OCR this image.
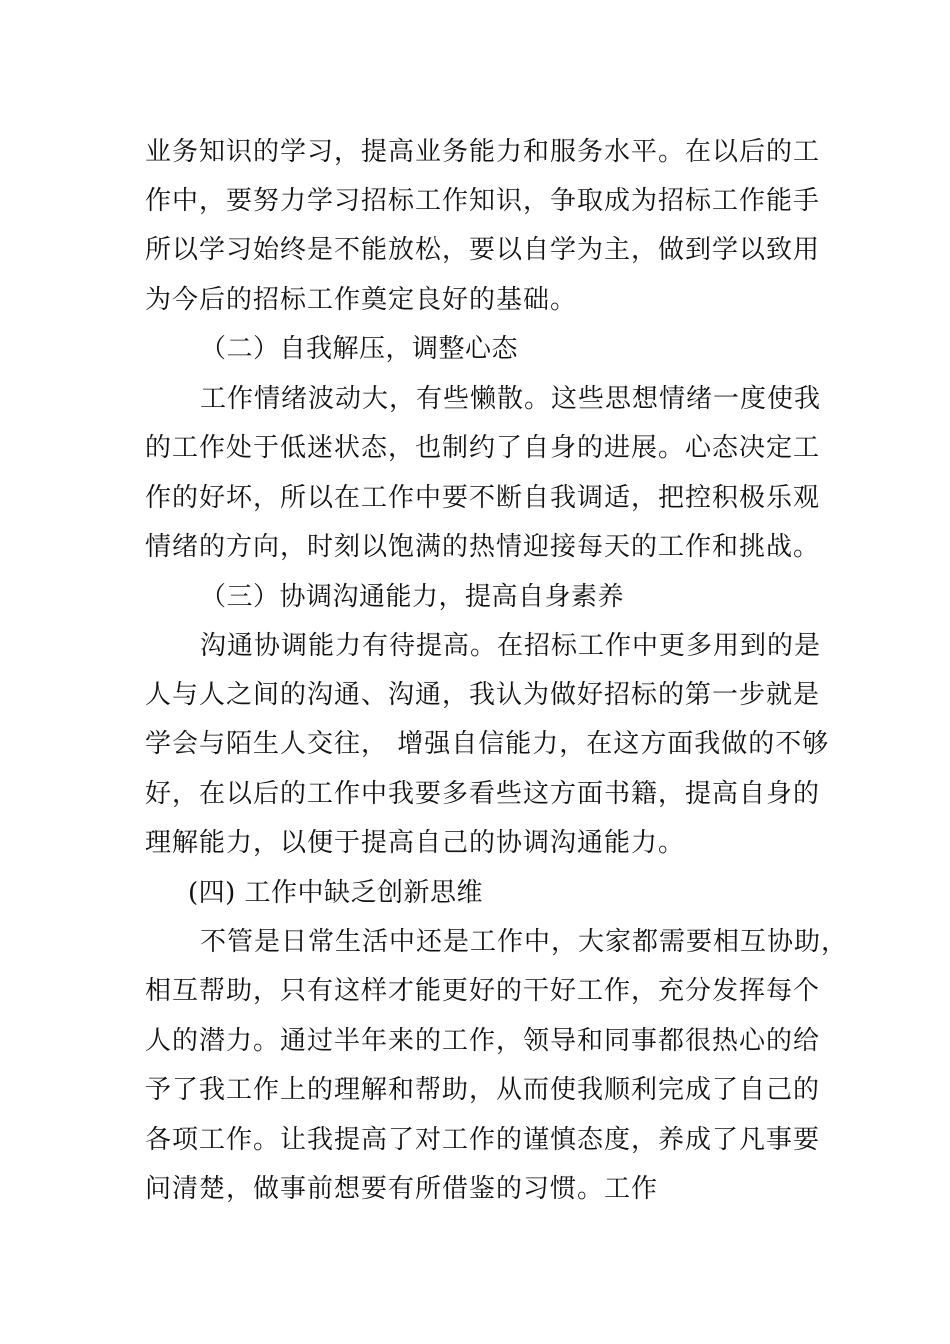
业务知识的学习，提高业务能力和服务水平。在以后的工
作中，要努力学习招标工作知识，争取成为招标工作能手
所以学习始终是不能放松，要以自学为主，做到学以致用
为今后的招标工作奠定良好的基础。
（二）自我解压，调整心态
工作情绪波动大，有些懒散。这些思想情绪一度使我
的工作处于低迷状态，也制约了自身的进展。心态决定工
作的好坏，所以在工作中要不断自我调适，把控积极乐观
情绪的方向，时刻以饱满的热情迎接每天的工作和挑战。
（三）协调沟通能力，提高自身素养
沟通协调能力有待提高。在招标工作中更多用到的是
人与人之间的沟通、沟通，我认为做好招标的第一步就是
学会与陌生人交往， 增强自信能力，在这方面我做的不够
好，在以后的工作中我要多看些这方面书籍，提高自身的
理解能力，以便于提高自己的协调沟通能力。
(四) 工作中缺乏创新思维
不管是日常生活中还是工作中，大家都需要相互协助，
相互帮助，只有这样才能更好的干好工作，充分发挥每个
人的潜力。通过半年来的工作，领导和同事都很热心的给
予了我工作上的理解和帮助，从而使我顺利完成了自己的
各项工作。让我提高了对工作的谨慎态度，养成了凡事要
问清楚，做事前想要有所借鉴的习惯。工作
